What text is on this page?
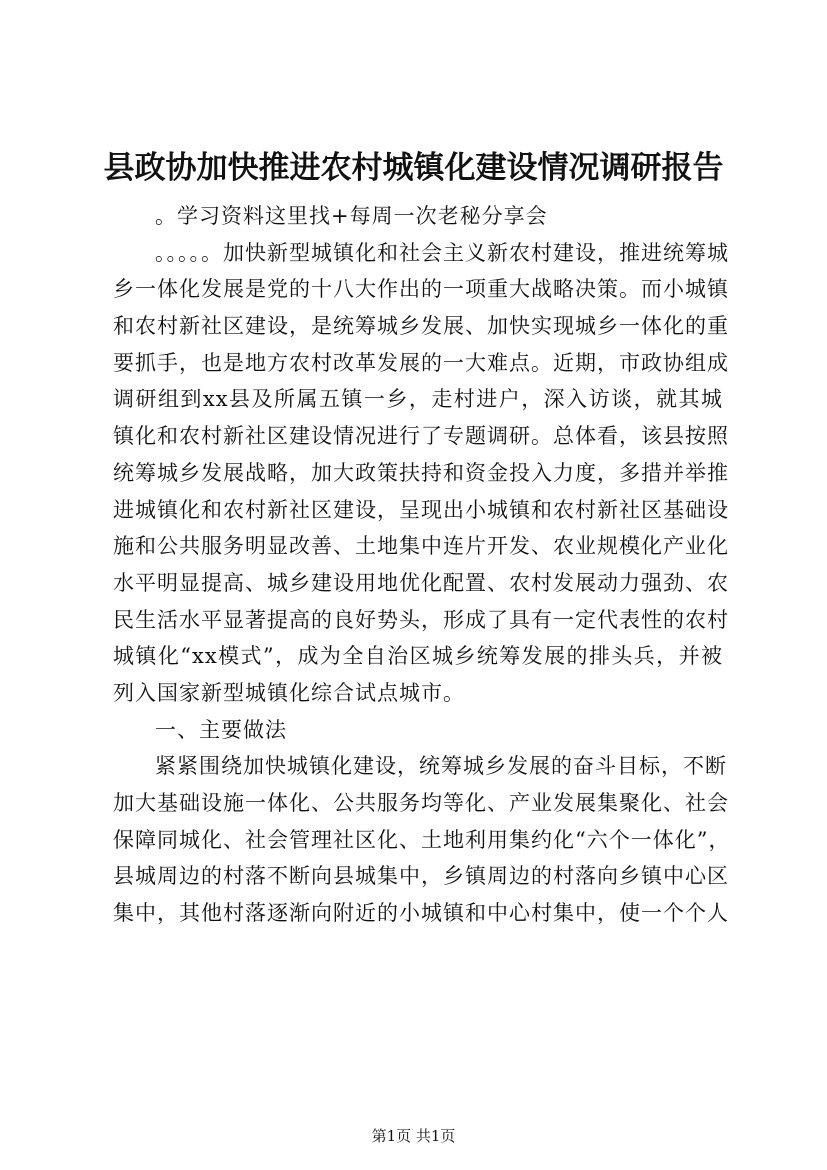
县政协加快推进农村城镇化建设情况调研报告
。学习资料这里找+每周一次老秘分享会
。。。。。加快新型城镇化和社会主义新农村建设，推进统筹城
乡一体化发展是党的十八大作出的一项重大战略决策。而小城镇
和农村新社区建设，是统筹城乡发展、加快实现城乡一体化的重
要抓手，也是地方农村改革发展的一大难点。近期，市政协组成
调研组到xx县及所属五镇一乡，走村进户，深入访谈，就其城
镇化和农村新社区建设情况进行了专题调研。总体看，该县按照
统筹城乡发展战略，加大政策扶持和资金投入力度，多措并举推
进城镇化和农村新社区建设，呈现出小城镇和农村新社区基础设
施和公共服务明显改善、土地集中连片开发、农业规模化产业化
水平明显提高、城乡建设用地优化配置、农村发展动力强劲、农
民生活水平显著提高的良好势头，形成了具有一定代表性的农村
城镇化“xx模式”，成为全自治区城乡统筹发展的排头兵，并被
列入国家新型城镇化综合试点城市。
一、主要做法
紧紧围绕加快城镇化建设，统筹城乡发展的奋斗目标，不断
加大基础设施一体化、公共服务均等化、产业发展集聚化、社会
保障同城化、社会管理社区化、土地利用集约化“六个一体化”，
县城周边的村落不断向县城集中，乡镇周边的村落向乡镇中心区
集中，其他村落逐渐向附近的小城镇和中心村集中，使一个个人
第1页 共1页
